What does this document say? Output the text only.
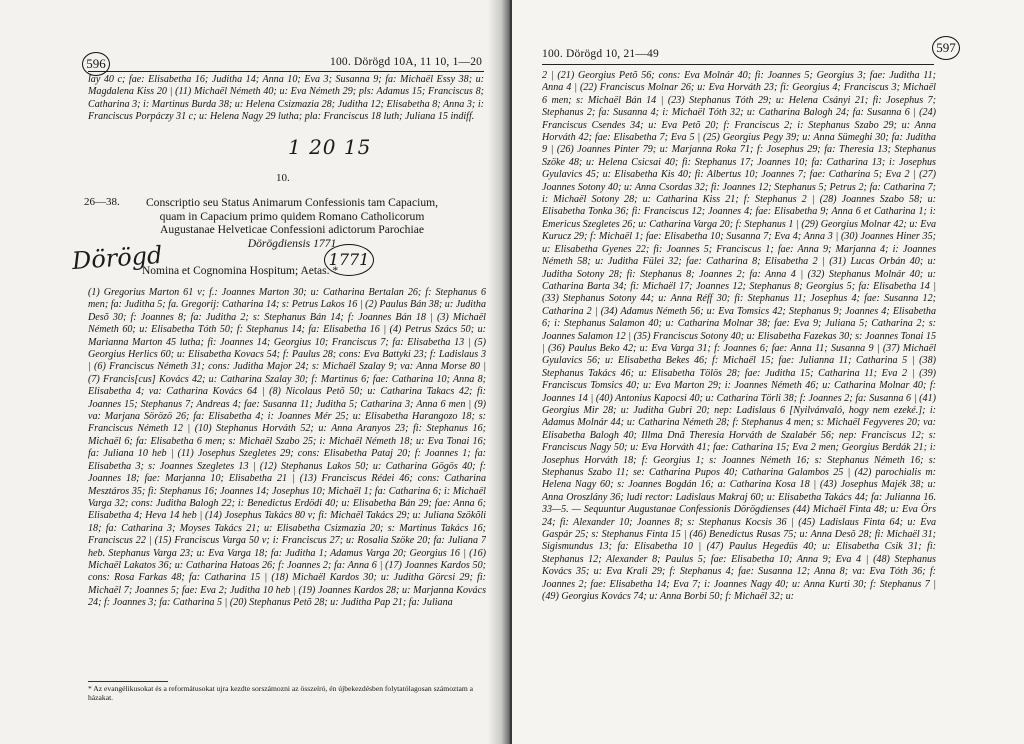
596	100. Dörögd 10A, 11 10, 1—20
lay 40 c; fae: Elisabetha 16; Juditha 14; Anna 10; Eva 3; Susanna 9; fa: Michaël Essy 38; u: Magdalena Kiss 20 | (11) Michaël Németh 40; u: Eva Németh 29; pls: Adamus 15; Franciscus 8; Catharina 3; i: Martinus Burda 38; u: Helena Csizmazia 28; Juditha 12; Elisabetha 8; Anna 3; i: Franciscus Porpáczy 31 c; u: Helena Nagy 29 lutha; pla: Franciscus 18 luth; Juliana 15 indiff.
1 20 15
10.
26—38.	Conscriptio seu Status Animarum Confessionis tam Capacium,
quam in Capacium primo quidem Romano Catholicorum
Augustanae Helveticae Confessioni adictorum Parochiae
Dörögdiensis 1771
Dörögd	1771
Nomina et Cognomina Hospitum; Aetas. *
(1) Gregorius Marton 61 v; f.: Joannes Marton 30; u: Catharina Bertalan 26; f: Stephanus 6 men; fa: Juditha 5; fa. Gregorij: Catharina 14; s: Petrus Lakos 16 | (2) Paulus Bán 38; u: Juditha Desõ 30; f: Joannes 8; fa: Juditha 2; s: Stephanus Bán 14; f: Joannes Bán 18 | (3) Michaël Németh 60; u: Elisabetha Tóth 50; f: Stephanus 14; fa: Elisabetha 16 | (4) Petrus Szács 50; u: Marianna Marton 45 lutha; fi: Joannes 14; Georgius 10; Franciscus 7; fa: Elisabetha 13 | (5) Georgius Herlics 60; u: Elisabetha Kovacs 54; f: Paulus 28; cons: Eva Battyki 23; f: Ladislaus 3 | (6) Franciscus Németh 31; cons: Juditha Major 24; s: Michaël Szalay 9; va: Anna Morse 80 | (7) Francis[cus] Kovács 42; u: Catharina Szalay 30; f: Martinus 6; fae: Catharina 10; Anna 8; Elisabetha 4; va: Catharina Kovács 64 | (8) Nicolaus Petõ 50; u: Catharina Takacs 42; fi: Joannes 15; Stephanus 7; Andreas 4; fae: Susanna 11; Juditha 5; Catharina 3; Anna 6 men | (9) va: Marjana Sörözö 26; fa: Elisabetha 4; i: Joannes Mér 25; u: Elisabetha Harangozo 18; s: Franciscus Németh 12 | (10) Stephanus Horváth 52; u: Anna Aranyos 23; fi: Stephanus 16; Michaël 6; fa: Elisabetha 6 men; s: Michaël Szabo 25; i: Michaël Németh 18; u: Eva Tonai 16; fa: Juliana 10 heb | (11) Josephus Szegletes 29; cons: Elisabetha Pataj 20; f: Joannes 1; fa: Elisabetha 3; s: Joannes Szegletes 13 | (12) Stephanus Lakos 50; u: Catharina Gögös 40; f: Joannes 18; fae: Marjanna 10; Elisabetha 21 | (13) Franciscus Rédei 46; cons: Catharina Mesztáros 35; fi: Stephanus 16; Joannes 14; Josephus 10; Michaël 1; fa: Catharina 6; i: Michaël Varga 32; cons: Juditha Balogh 22; i: Benedictus Erdödi 40; u: Elisabetha Bán 29; fae: Anna 6; Elisabetha 4; Heva 14 heb | (14) Josephus Takács 80 v; fi: Michaël Takács 29; u: Juliana Szökõli 18; fa: Catharina 3; Moyses Takács 21; u: Elisabetha Csizmazia 20; s: Martinus Takács 16; Franciscus 22 | (15) Franciscus Varga 50 v; i: Franciscus 27; u: Rosalia Szöke 20; fa: Juliana 7 heb. Stephanus Varga 23; u: Eva Varga 18; fa: Juditha 1; Adamus Varga 20; Georgius 16 | (16) Michaël Lakatos 36; u: Catharina Hatoas 26; f: Joannes 2; fa: Anna 6 | (17) Joannes Kardos 50; cons: Rosa Farkas 48; fa: Catharina 15 | (18) Michaël Kardos 30; u: Juditha Görcsi 29; fi: Michaël 7; Joannes 5; fae: Eva 2; Juditha 10 heb | (19) Joannes Kardos 28; u: Marjanna Kovács 24; f: Joannes 3; fa: Catharina 5 | (20) Stephanus Petõ 28; u: Juditha Pap 21; fa: Juliana
* Az evangélikusokat és a reformátusokat ujra kezdte sorszámozni az összeíró, én újbekezdésben folytatólagosan számoztam a házakat.
597
100. Dörögd 10, 21—49
2 | (21) Georgius Petõ 56; cons: Eva Molnár 40; fi: Joannes 5; Georgius 3; fae: Juditha 11; Anna 4 | (22) Franciscus Molnar 26; u: Eva Horváth 23; fi: Georgius 4; Franciscus 3; Michaël 6 men; s: Michaël Bán 14 | (23) Stephanus Tóth 29; u: Helena Csányi 21; fi: Josephus 7; Stephanus 2; fa: Susanna 4; i: Michaël Tóth 32; u: Catharina Balogh 24; fa: Susanna 6 | (24) Franciscus Csendes 34; u: Eva Petõ 20; f: Franciscus 2; i: Stephanus Szabo 29; u: Anna Horváth 42; fae: Elisabetha 7; Eva 5 | (25) Georgius Pegy 39; u: Anna Sümeghi 30; fa: Juditha 9 | (26) Joannes Pinter 79; u: Marjanna Roka 71; f: Josephus 29; fa: Theresia 13; Stephanus Szöke 48; u: Helena Csicsai 40; fi: Stephanus 17; Joannes 10; fa: Catharina 13; i: Josephus Gyulavics 45; u: Elisabetha Kis 40; fi: Albertus 10; Joannes 7; fae: Catharina 5; Eva 2 | (27) Joannes Sotony 40; u: Anna Csordas 32; fi: Joannes 12; Stephanus 5; Petrus 2; fa: Catharina 7; i: Michaël Sotony 28; u: Catharina Kiss 21; f: Stephanus 2 | (28) Joannes Szabo 58; u: Elisabetha Tonka 36; fi: Franciscus 12; Joannes 4; fae: Elisabetha 9; Anna 6 et Catharina 1; i: Emericus Szegletes 26; u: Catharina Varga 20; f: Stephanus 1 | (29) Georgius Molnar 42; u: Eva Kurucz 29; f: Michaël 1; fae: Elisabetha 10; Susanna 7; Eva 4; Anna 3 | (30) Joannes Hiner 35; u: Elisabetha Gyenes 22; fi: Joannes 5; Franciscus 1; fae: Anna 9; Marjanna 4; i: Joannes Németh 58; u: Juditha Fülei 32; fae: Catharina 8; Elisabetha 2 | (31) Lucas Orbán 40; u: Juditha Sotony 28; fi: Stephanus 8; Joannes 2; fa: Anna 4 | (32) Stephanus Molnár 40; u: Catharina Barta 34; fi: Michaël 17; Joannes 12; Stephanus 8; Georgius 5; fa: Elisabetha 14 | (33) Stephanus Sotony 44; u: Anna Réff 30; fi: Stephanus 11; Josephus 4; fae: Susanna 12; Catharina 2 | (34) Adamus Németh 56; u: Eva Tomsics 42; Stephanus 9; Joannes 4; Elisabetha 6; i: Stephanus Salamon 40; u: Catharina Molnar 38; fae: Eva 9; Juliana 5; Catharina 2; s: Joannes Salamon 12 | (35) Franciscus Sotony 40; u: Elisabetha Fazekas 30; s: Joannes Tonai 15 | (36) Paulus Beko 42; u: Eva Varga 31; f: Joannes 6; fae: Anna 11; Susanna 9 | (37) Michaël Gyulavics 56; u: Elisabetha Bekes 46; f: Michaël 15; fae: Julianna 11; Catharina 5 | (38) Stephanus Takács 46; u: Elisabetha Tölös 28; fae: Juditha 15; Catharina 11; Eva 2 | (39) Franciscus Tomsics 40; u: Eva Marton 29; i: Joannes Németh 46; u: Catharina Molnar 40; f: Joannes 14 | (40) Antonius Kapocsi 40; u: Catharina Törli 38; f: Joannes 2; fa: Susanna 6 | (41) Georgius Mir 28; u: Juditha Gubri 20; nep: Ladislaus 6 [Nyilvánvaló, hogy nem ezeké.]; i: Adamus Molnár 44; u: Catharina Németh 28; f: Stephanus 4 men; s: Michaël Fegyveres 20; va: Elisabetha Balogh 40; Illma Dnã Theresia Horváth de Szalabér 56; nep: Franciscus 12; s: Franciscus Nagy 50; u: Eva Horváth 41; fae: Catharina 15; Eva 2 men; Georgius Berdák 21; i: Josephus Horváth 18; f: Georgius 1; s: Joannes Németh 16; s: Stephanus Németh 16; s: Stephanus Szabo 11; se: Catharina Pupos 40; Catharina Galambos 25 | (42) parochialis m: Helena Nagy 60; s: Joannes Bogdán 16; a: Catharina Kosa 18 | (43) Josephus Majék 38; u: Anna Oroszlány 36; ludi rector: Ladislaus Makraj 60; u: Elisabetha Takács 44; fa: Julianna 16. 33—5. — Sequuntur Augustanae Confessionis Dörögdienses (44) Michaël Finta 48; u: Eva Örs 24; fi: Alexander 10; Joannes 8; s: Stephanus Kocsis 36 | (45) Ladislaus Finta 64; u: Eva Gaspár 25; s: Stephanus Finta 15 | (46) Benedictus Rusas 75; u: Anna Desõ 28; fi: Michaël 31; Sigismundus 13; fa: Elisabetha 10 | (47) Paulus Hegedüs 40; u: Elisabetha Csik 31; fi: Stephanus 12; Alexander 8; Paulus 5; fae: Elisabetha 10; Anna 9; Eva 4 | (48) Stephanus Kovács 35; u: Eva Krali 29; f: Stephanus 4; fae: Susanna 12; Anna 8; va: Eva Tóth 36; f: Joannes 2; fae: Elisabetha 14; Eva 7; i: Joannes Nagy 40; u: Anna Kurti 30; f: Stephanus 7 | (49) Georgius Kovács 74; u: Anna Borbi 50; f: Michaël 32; u:
